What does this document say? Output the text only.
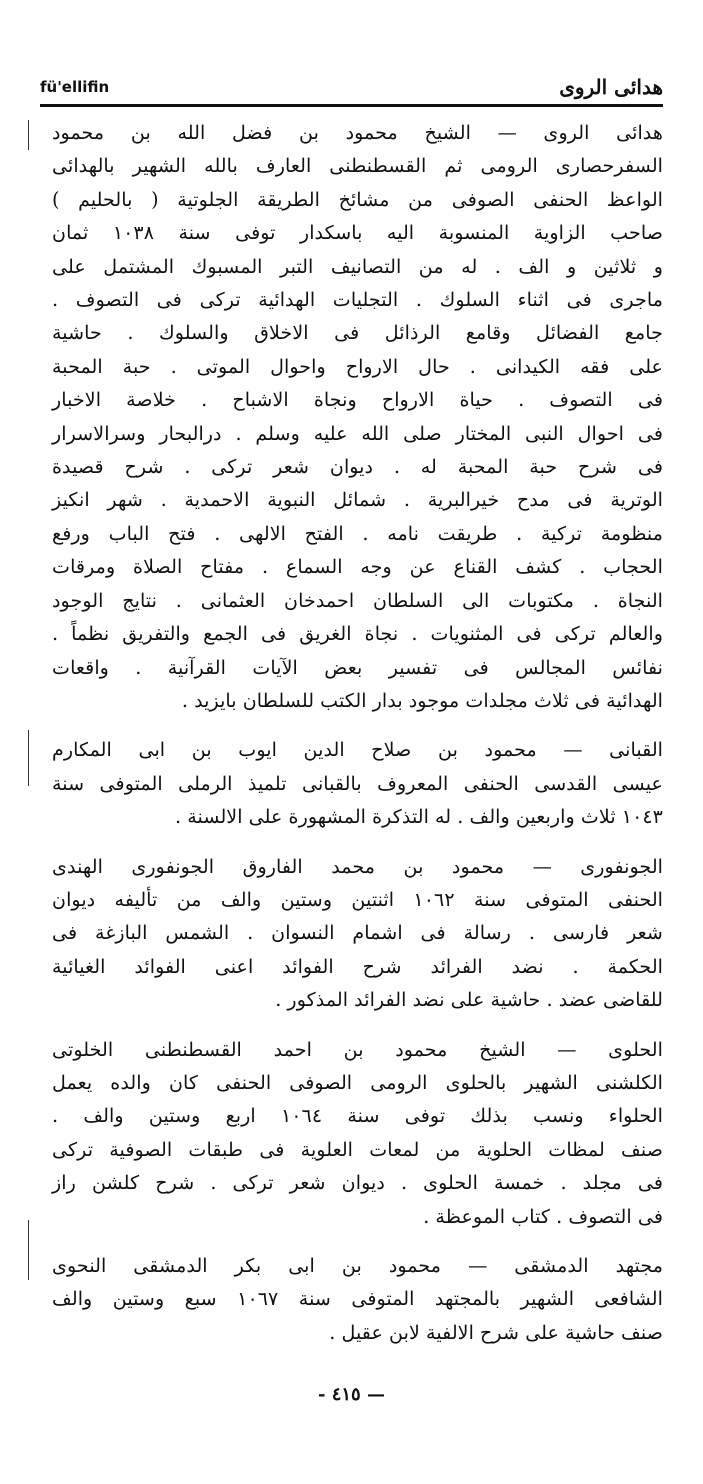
fü'ellifin	هدائى الروى
هدائى الروى — الشيخ محمود بن فضل الله بن محمود
السفرحصارى الرومى ثم القسطنطنى العارف بالله الشهير بالهدائى
الواعظ الحنفى الصوفى من مشائخ الطريقة الجلوتية ( بالحليم )
صاحب الزاوية المنسوبة اليه باسكدار توفى سنة ١٠٣٨ ثمان
و ثلاثين و الف . له من التصانيف التبر المسبوك المشتمل على
ماجرى فى اثناء السلوك . التجليات الهدائية تركى فى التصوف .
جامع الفضائل وقامع الرذائل فى الاخلاق والسلوك . حاشية
على فقه الكيدانى . حال الارواح واحوال الموتى . حبة المحبة
فى التصوف . حياة الارواح ونجاة الاشباح . خلاصة الاخبار
فى احوال النبى المختار صلى الله عليه وسلم . درالبحار وسرالاسرار
فى شرح حبة المحبة له . ديوان شعر تركى . شرح قصيدة
الوترية فى مدح خيرالبرية . شمائل النبوية الاحمدية . شهر انكيز
منظومة تركية . طريقت نامه . الفتح الالهى . فتح الباب ورفع
الحجاب . كشف القناع عن وجه السماع . مفتاح الصلاة ومرقات
النجاة . مكتوبات الى السلطان احمدخان العثمانى . نتايج الوجود
والعالم تركى فى المثنويات . نجاة الغريق فى الجمع والتفريق نظماً .
نفائس المجالس فى تفسير بعض الآيات القرآنية . واقعات
الهدائية فى ثلاث مجلدات موجود بدار الكتب للسلطان بايزيد .
القبانى — محمود بن صلاح الدين ايوب بن ابى المكارم
عيسى القدسى الحنفى المعروف بالقبانى تلميذ الرملى المتوفى سنة
١٠٤٣ ثلاث واربعين والف . له التذكرة المشهورة على الالسنة .
الجونفورى — محمود بن محمد الفاروق الجونفورى الهندى
الحنفى المتوفى سنة ١٠٦٢ اثنتين وستين والف من تأليفه ديوان
شعر فارسى . رسالة فى اشمام النسوان . الشمس البازغة فى
الحكمة . نضد الفرائد شرح الفوائد اعنى الفوائد الغيائية
للقاضى عضد . حاشية على نضد الفرائد المذكور .
الحلوى — الشيخ محمود بن احمد القسطنطنى الخلوتى
الكلشنى الشهير بالحلوى الرومى الصوفى الحنفى كان والده يعمل
الحلواء ونسب بذلك توفى سنة ١٠٦٤ اربع وستين والف .
صنف لمظات الحلوية من لمعات العلوية فى طبقات الصوفية تركى
فى مجلد . خمسة الحلوى . ديوان شعر تركى . شرح كلشن راز
فى التصوف . كتاب الموعظة .
مجتهد الدمشقى — محمود بن ابى بكر الدمشقى النحوى
الشافعى الشهير بالمجتهد المتوفى سنة ١٠٦٧ سبع وستين والف
صنف حاشية على شرح الالفية لابن عقيل .
— ٤١٥ -
